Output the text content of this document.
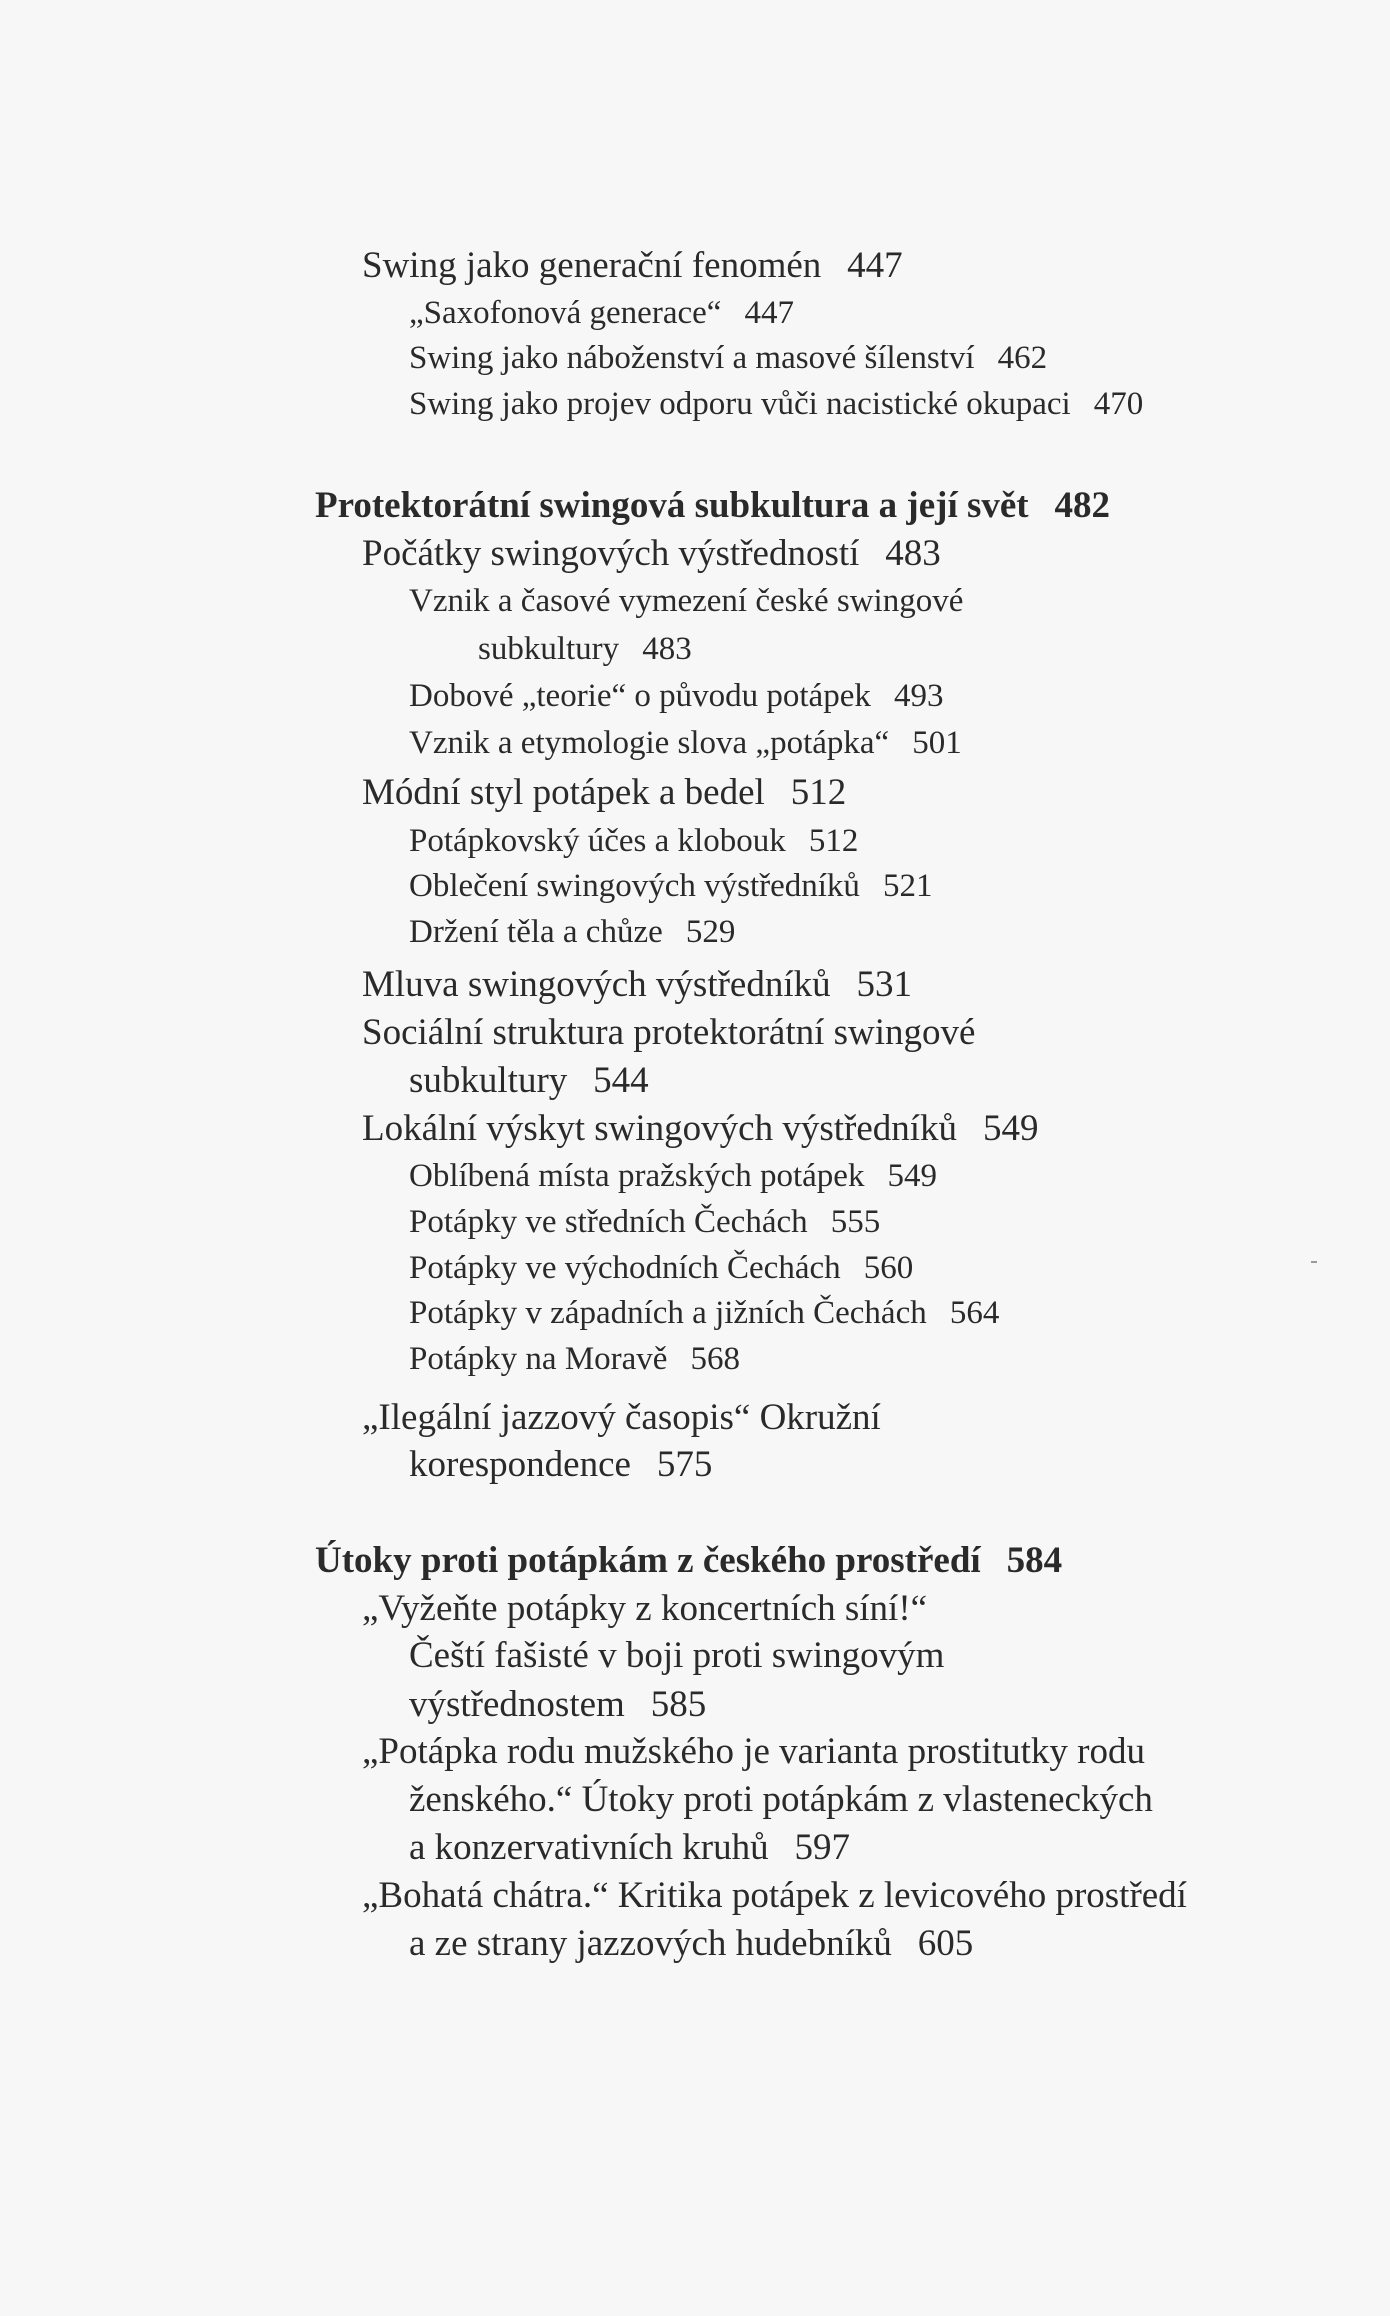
Swing jako generační fenomén 447
„Saxofonová generace“ 447
Swing jako náboženství a masové šílenství 462
Swing jako projev odporu vůči nacistické okupaci 470
Protektorátní swingová subkultura a její svět 482
Počátky swingových výstředností 483
Vznik a časové vymezení české swingové
subkultury 483
Dobové „teorie“ o původu potápek 493
Vznik a etymologie slova „potápka“ 501
Módní styl potápek a bedel 512
Potápkovský účes a klobouk 512
Oblečení swingových výstředníků 521
Držení těla a chůze 529
Mluva swingových výstředníků 531
Sociální struktura protektorátní swingové
subkultury 544
Lokální výskyt swingových výstředníků 549
Oblíbená místa pražských potápek 549
Potápky ve středních Čechách 555
Potápky ve východních Čechách 560
Potápky v západních a jižních Čechách 564
Potápky na Moravě 568
„Ilegální jazzový časopis“ Okružní
korespondence 575
Útoky proti potápkám z českého prostředí 584
„Vyžeňte potápky z koncertních síní!“
Čeští fašisté v boji proti swingovým
výstřednostem 585
„Potápka rodu mužského je varianta prostitutky rodu
ženského.“ Útoky proti potápkám z vlasteneckých
a konzervativních kruhů 597
„Bohatá chátra.“ Kritika potápek z levicového prostředí
a ze strany jazzových hudebníků 605
